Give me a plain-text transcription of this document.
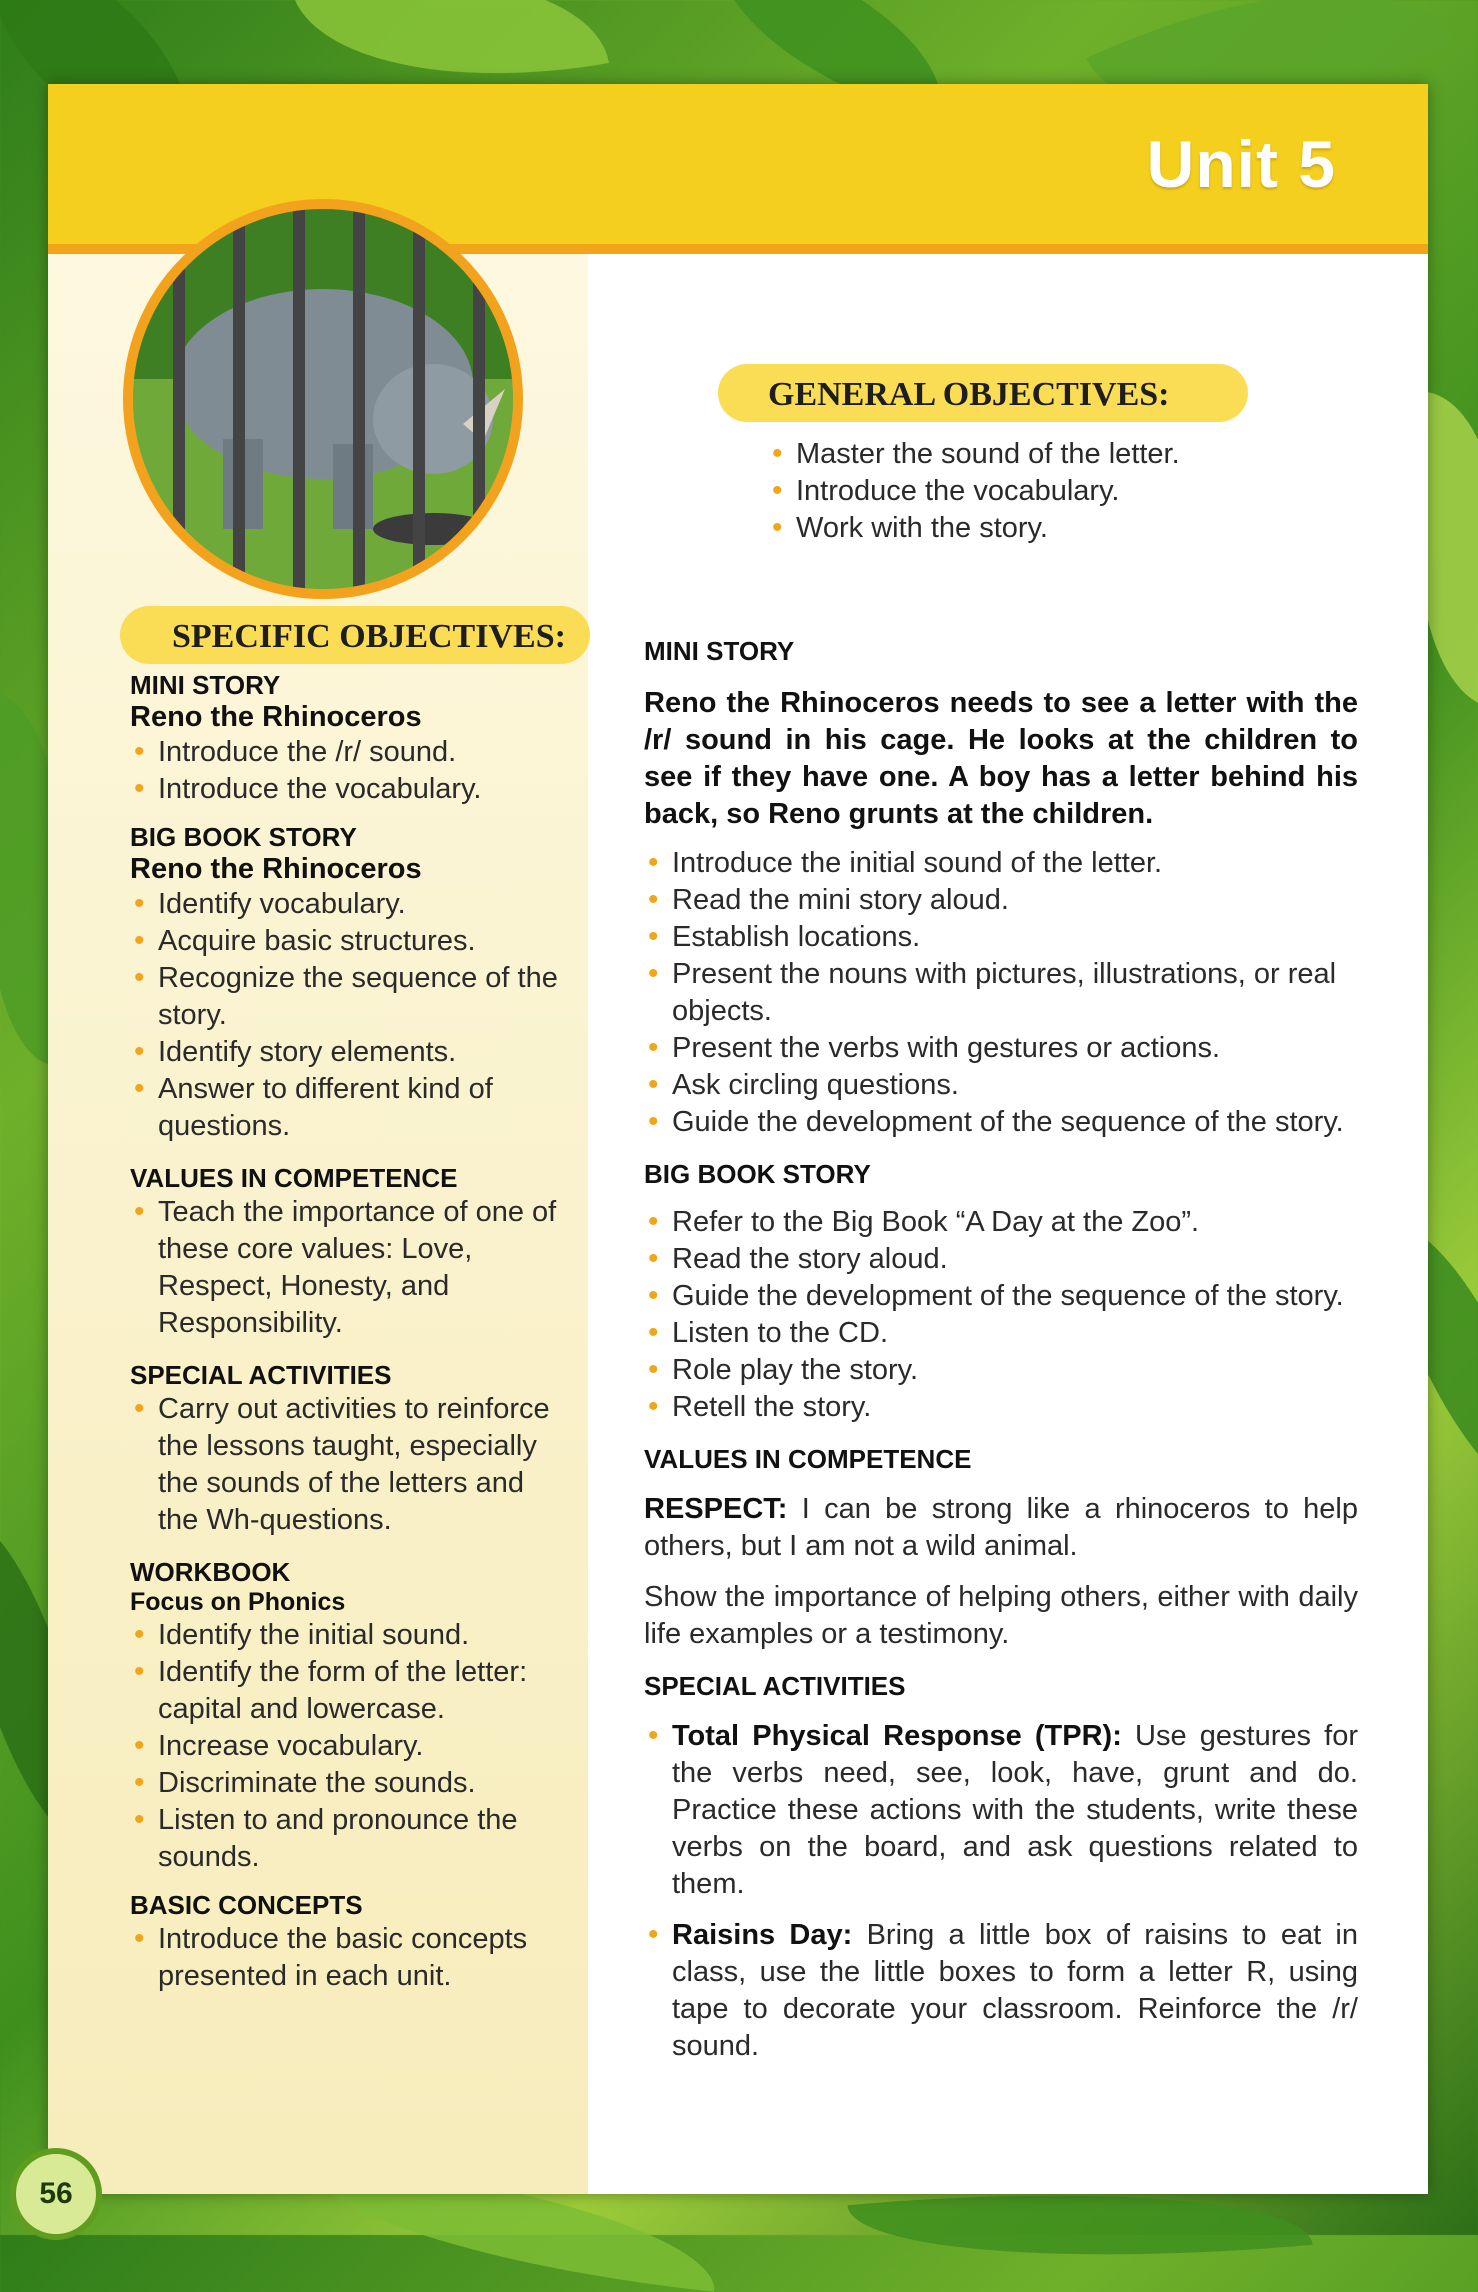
Unit 5
SPECIFIC OBJECTIVES:
GENERAL OBJECTIVES:
• Master the sound of the letter.
• Introduce the vocabulary.
• Work with the story.
MINI STORY
Reno the Rhinoceros
• Introduce the /r/ sound.
• Introduce the vocabulary.
BIG BOOK STORY
Reno the Rhinoceros
• Identify vocabulary.
• Acquire basic structures.
• Recognize the sequence of the story.
• Identify story elements.
• Answer to different kind of questions.
VALUES IN COMPETENCE
• Teach the importance of one of these core values: Love, Respect, Honesty, and Responsibility.
SPECIAL ACTIVITIES
• Carry out activities to reinforce the lessons taught, especially the sounds of the letters and the Wh-questions.
WORKBOOK
Focus on Phonics
• Identify the initial sound.
• Identify the form of the letter: capital and lowercase.
• Increase vocabulary.
• Discriminate the sounds.
• Listen to and pronounce the sounds.
BASIC CONCEPTS
• Introduce the basic concepts presented in each unit.
MINI STORY
Reno the Rhinoceros needs to see a letter with the /r/ sound in his cage. He looks at the children to see if they have one. A boy has a letter behind his back, so Reno grunts at the children.
• Introduce the initial sound of the letter.
• Read the mini story aloud.
• Establish locations.
• Present the nouns with pictures, illustrations, or real objects.
• Present the verbs with gestures or actions.
• Ask circling questions.
• Guide the development of the sequence of the story.
BIG BOOK STORY
• Refer to the Big Book “A Day at the Zoo”.
• Read the story aloud.
• Guide the development of the sequence of the story.
• Listen to the CD.
• Role play the story.
• Retell the story.
VALUES IN COMPETENCE
RESPECT: I can be strong like a rhinoceros to help others, but I am not a wild animal.
Show the importance of helping others, either with daily life examples or a testimony.
SPECIAL ACTIVITIES
• Total Physical Response (TPR): Use gestures for the verbs need, see, look, have, grunt and do. Practice these actions with the students, write these verbs on the board, and ask questions related to them.
• Raisins Day: Bring a little box of raisins to eat in class, use the little boxes to form a letter R, using tape to decorate your classroom. Reinforce the /r/ sound.
56
